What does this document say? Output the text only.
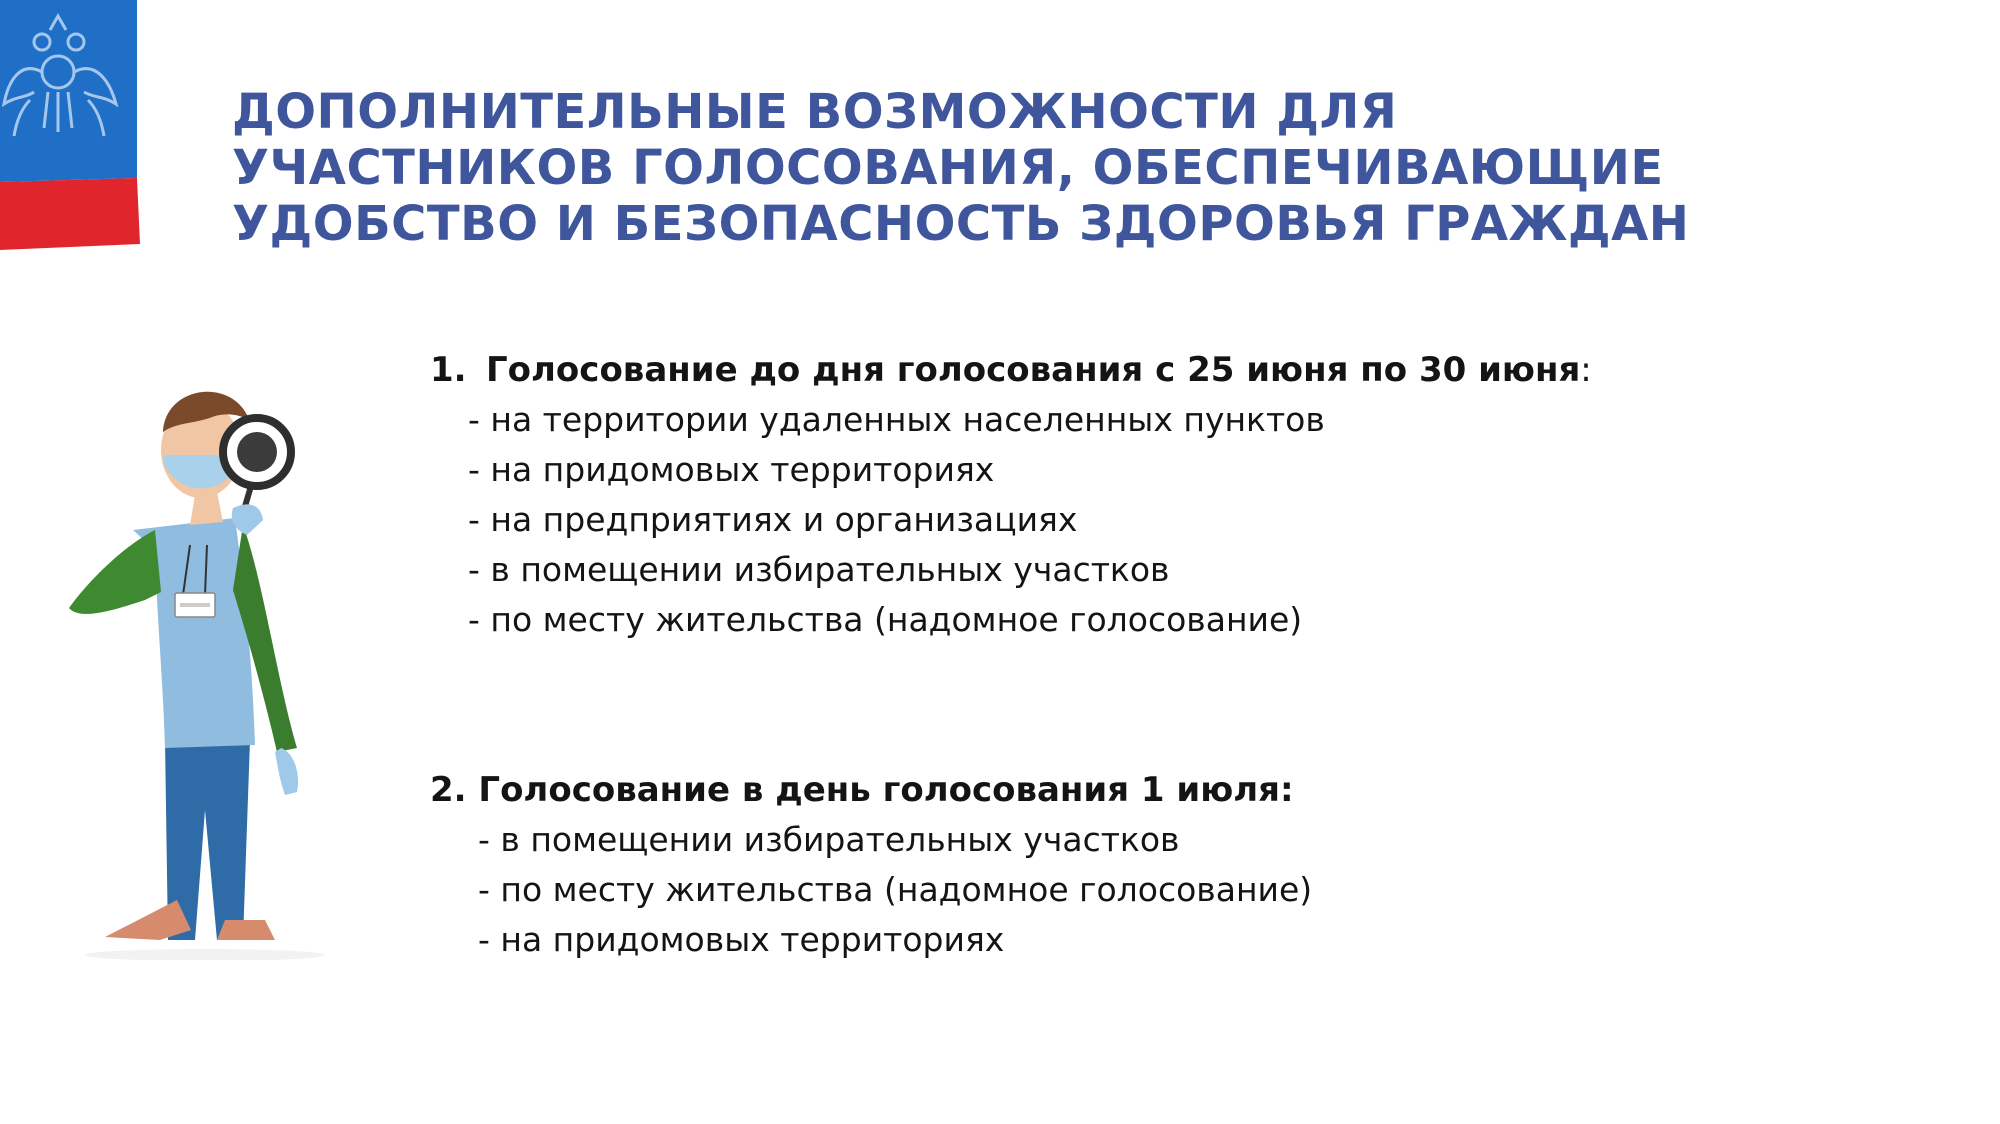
ДОПОЛНИТЕЛЬНЫЕ ВОЗМОЖНОСТИ ДЛЯ
УЧАСТНИКОВ ГОЛОСОВАНИЯ, ОБЕСПЕЧИВАЮЩИЕ
УДОБСТВО И БЕЗОПАСНОСТЬ ЗДОРОВЬЯ ГРАЖДАН
1. Голосование до дня голосования с 25 июня по 30 июня:
- на территории удаленных населенных пунктов
- на придомовых территориях
- на предприятиях и организациях
- в помещении избирательных участков
- по месту жительства (надомное голосование)
2. Голосование в день голосования 1 июля:
- в помещении избирательных участков
- по месту жительства (надомное голосование)
- на придомовых территориях
